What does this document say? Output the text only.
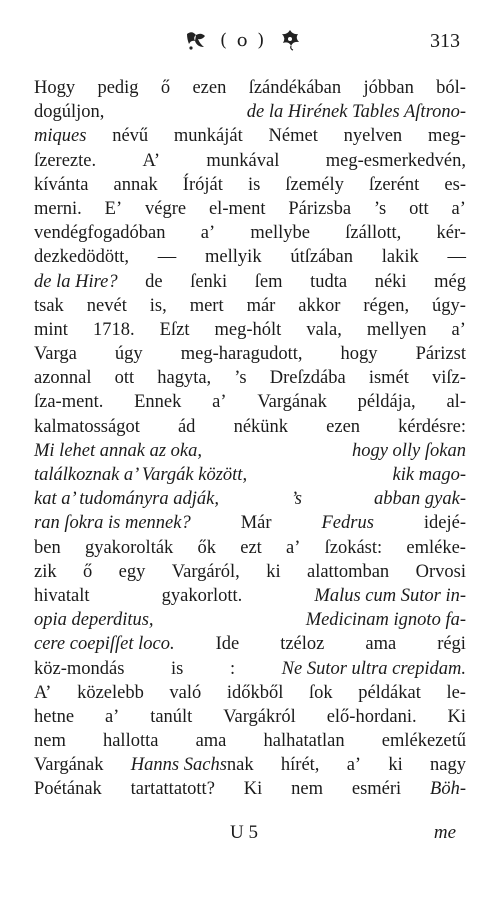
( o )	313
Hogy pedig ő ezen ſzándékában jóbban ból-
dogúljon,	de la Hirének Tables Aſtrono-
miques névű munkáját Német nyelven meg-
ſzerezte.	A’	munkával	meg-esmerkedvén,
kívánta annak Íróját is ſzemély ſzerént es-
merni. E’ végre el-ment Párizsba ’s ott a’
vendégfogadóban a’ mellybe ſzállott, kér-
dezkedödött, — mellyik útſzában lakik —
de la Hire? de ſenki ſem tudta néki még
tsak nevét is, mert már akkor régen, úgy-
mint 1718. Eſzt meg-hólt vala, mellyen a’
Varga úgy meg-haragudott, hogy Párizst
azonnal ott hagyta, ’s Dreſzdába ismét viſz-
ſza-ment. Ennek a’ Vargának példája, al-
kalmatosságot ád nékünk ezen kérdésre:
Mi lehet annak az oka,	hogy olly ſokan
találkoznak a’ Vargák között,	kik mago-
kat a’ tudományra adják,	’s	abban gyak-
ran ſokra is mennek?	Már	Fedrus	idejé-
ben gyakorolták ők ezt a’ ſzokást: emléke-
zik ő egy Vargáról, ki alattomban Orvosi
hivatalt	gyakorlott.	Malus cum Sutor in-
opia deperditus,	Medicinam ignoto fa-
cere coepiſſet loco. Ide tzéloz ama régi
köz-mondás	is	:	Ne Sutor ultra crepidam.
A’ közelebb való időkből ſok példákat le-
hetne a’ tanúlt Vargákról elő-hordani. Ki
nem hallotta ama halhatatlan emlékezetű
Vargának Hanns Sachsnak hírét, a’ ki nagy
Poétának tartattatott? Ki nem esméri Böh-
U 5	me
